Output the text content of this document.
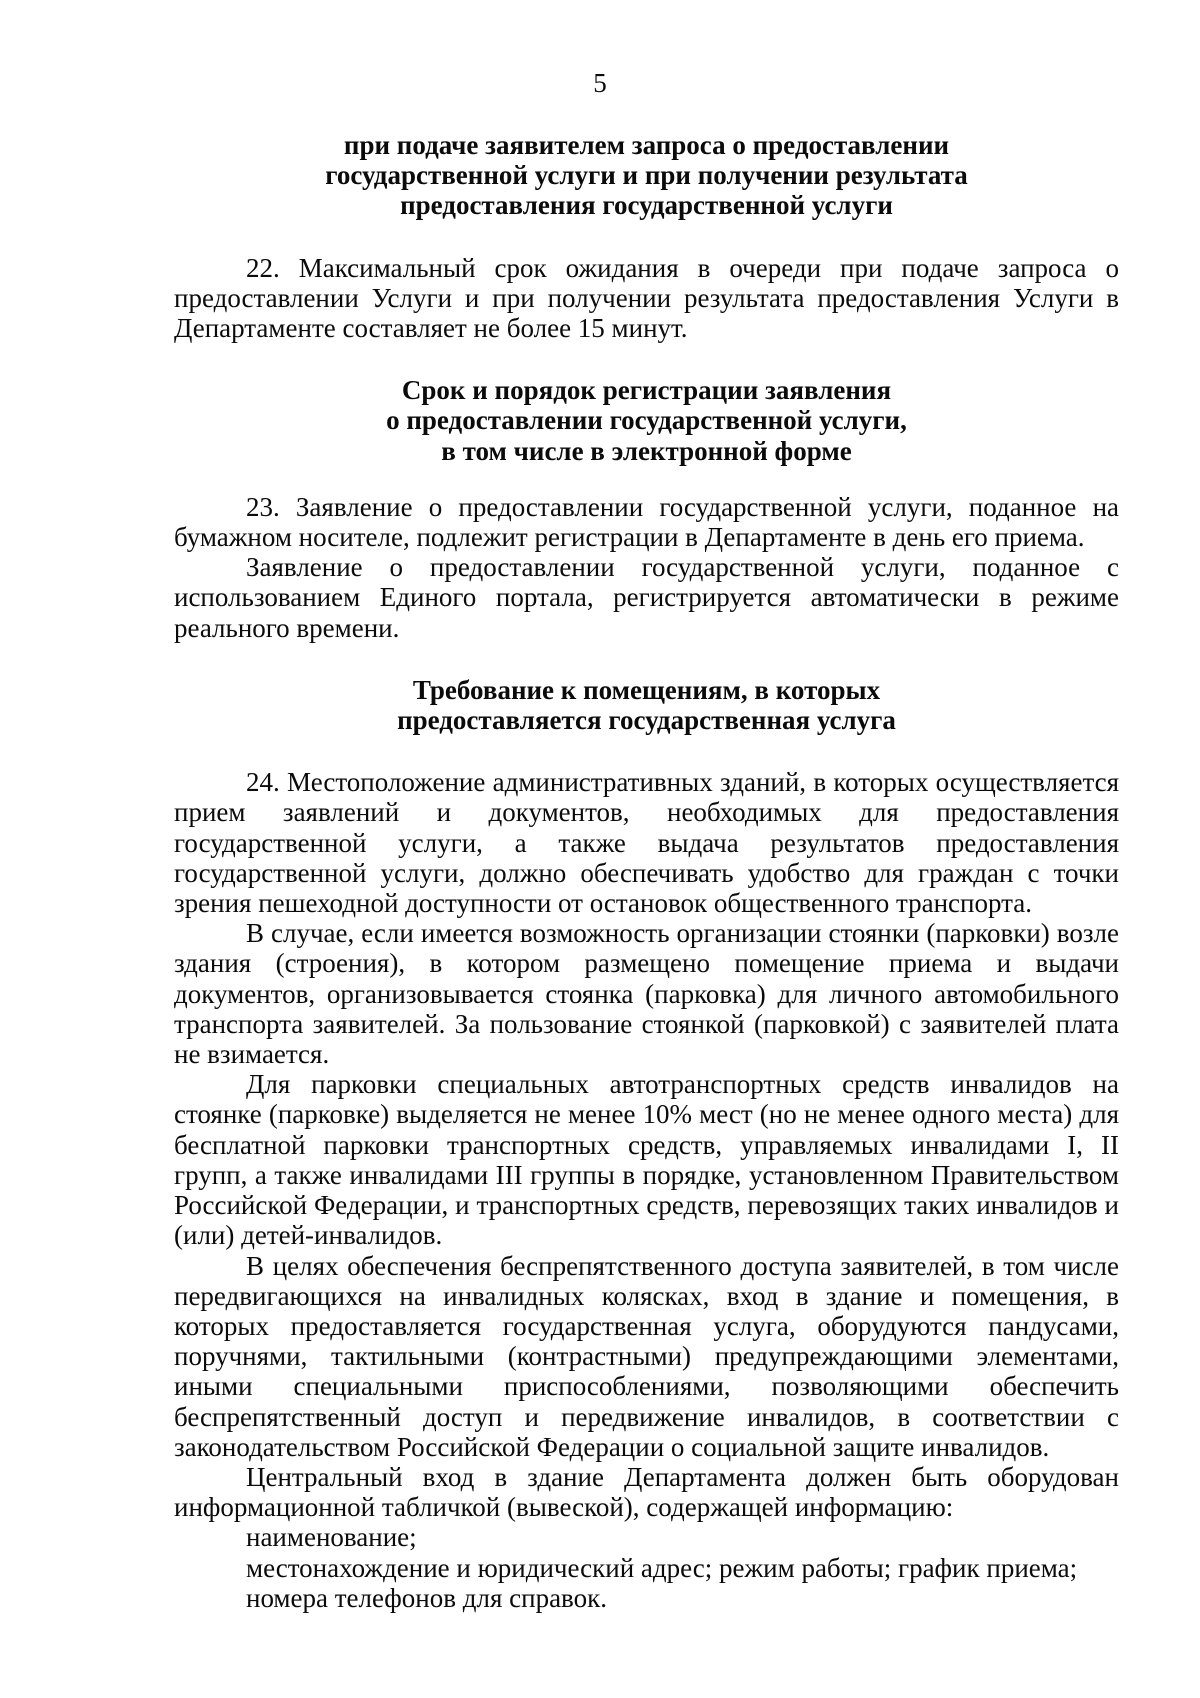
5
при подаче заявителем запроса о предоставлении
государственной услуги и при получении результата
предоставления государственной услуги

22. Максимальный срок ожидания в очереди при подаче запроса о предоставлении Услуги и при получении результата предоставления Услуги в Департаменте составляет не более 15 минут.

Срок и порядок регистрации заявления
о предоставлении государственной услуги,
в том числе в электронной форме

23. Заявление о предоставлении государственной услуги, поданное на бумажном носителе, подлежит регистрации в Департаменте в день его приема.

Заявление о предоставлении государственной услуги, поданное с использованием Единого портала, регистрируется автоматически в режиме реального времени.

Требование к помещениям, в которых
предоставляется государственная услуга

24. Местоположение административных зданий, в которых осуществляется прием заявлений и документов, необходимых для предоставления государственной услуги, а также выдача результатов предоставления государственной услуги, должно обеспечивать удобство для граждан с точки зрения пешеходной доступности от остановок общественного транспорта.

В случае, если имеется возможность организации стоянки (парковки) возле здания (строения), в котором размещено помещение приема и выдачи документов, организовывается стоянка (парковка) для личного автомобильного транспорта заявителей. За пользование стоянкой (парковкой) с заявителей плата не взимается.

Для парковки специальных автотранспортных средств инвалидов на стоянке (парковке) выделяется не менее 10% мест (но не менее одного места) для бесплатной парковки транспортных средств, управляемых инвалидами I, II групп, а также инвалидами III группы в порядке, установленном Правительством Российской Федерации, и транспортных средств, перевозящих таких инвалидов и (или) детей-инвалидов.

В целях обеспечения беспрепятственного доступа заявителей, в том числе передвигающихся на инвалидных колясках, вход в здание и помещения, в которых предоставляется государственная услуга, оборудуются пандусами, поручнями, тактильными (контрастными) предупреждающими элементами, иными специальными приспособлениями, позволяющими обеспечить беспрепятственный доступ и передвижение инвалидов, в соответствии с законодательством Российской Федерации о социальной защите инвалидов.

Центральный вход в здание Департамента должен быть оборудован информационной табличкой (вывеской), содержащей информацию:

наименование;

местонахождение и юридический адрес; режим работы; график приема;

номера телефонов для справок.
